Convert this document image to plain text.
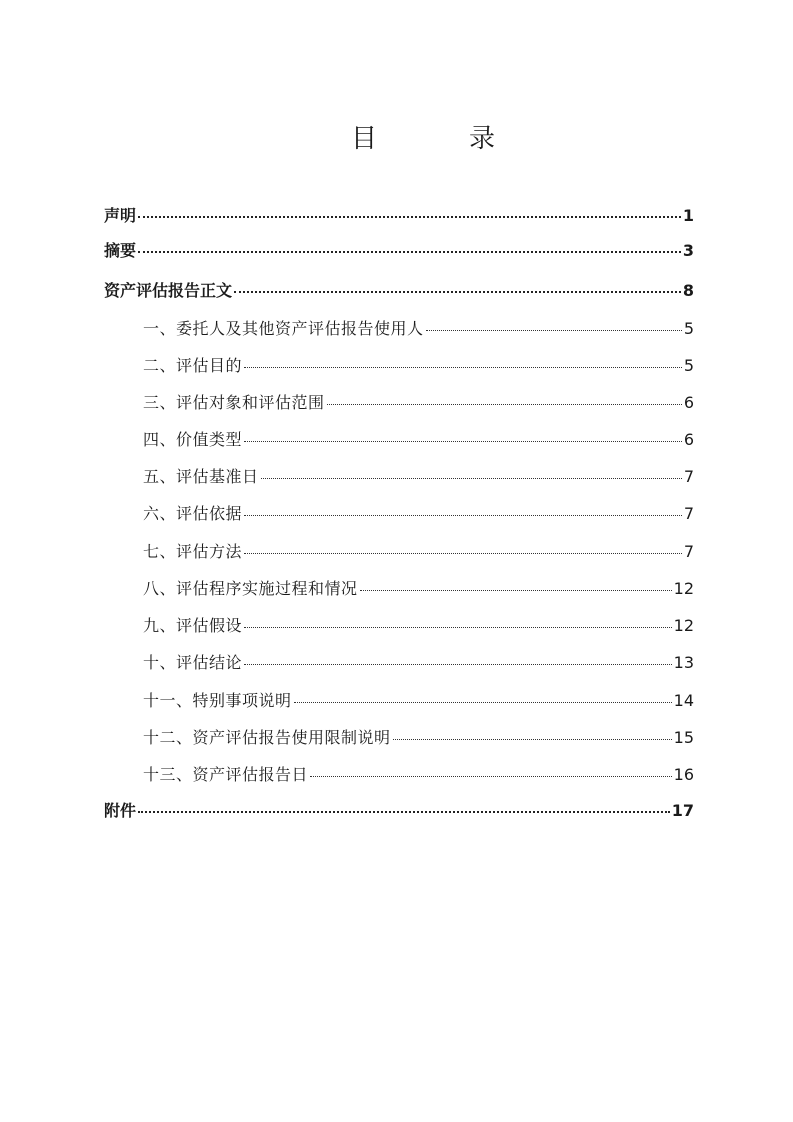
目	录
声明	1
摘要	3
资产评估报告正文	8
一、委托人及其他资产评估报告使用人	5
二、评估目的	5
三、评估对象和评估范围	6
四、价值类型	6
五、评估基准日	7
六、评估依据	7
七、评估方法	7
八、评估程序实施过程和情况	12
九、评估假设	12
十、评估结论	13
十一、特别事项说明	14
十二、资产评估报告使用限制说明	15
十三、资产评估报告日	16
附件	17
